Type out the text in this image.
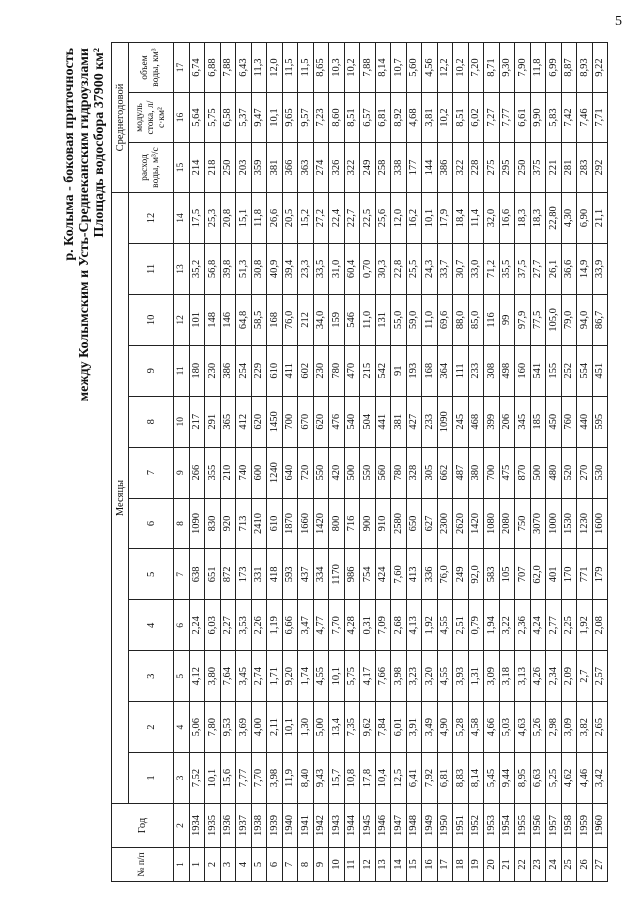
5
р. Колыма - боковая приточность между Колымским и Усть-Среднеканским гидроузлами Площадь водосбора 37900 км²
№ п/п	Год	Месяцы												Среднегодовой		
		1	2	3	4	5	6	7	8	9	10	11	12	расход воды, м³/с	модуль стока, л/с·км²	объем воды, км³
1	2	3	4	5	6	7	8	9	10	11	12	13	14	15	16	17
1	1934	7,52	5,06	4,12	2,24	638	1090	266	217	180	101	35,2	17,5	214	5,64	6,74
2	1935	10,1	7,80	3,80	6,03	651	830	355	291	230	148	56,8	25,3	218	5,75	6,88
3	1936	15,6	9,53	7,64	2,27	872	920	210	365	386	146	39,8	20,8	250	6,58	7,88
4	1937	7,77	3,69	3,45	3,53	173	713	740	412	254	64,8	51,3	15,1	203	5,37	6,43
5	1938	7,70	4,00	2,74	2,26	331	2410	600	620	229	58,5	30,8	11,8	359	9,47	11,3
6	1939	3,98	2,11	1,71	1,19	418	610	1240	1450	610	168	40,9	26,6	381	10,1	12,0
7	1940	11,9	10,1	9,20	6,66	593	1870	640	700	411	76,0	39,4	20,5	366	9,65	11,5
8	1941	8,40	1,30	1,74	3,47	437	1660	720	670	602	212	23,3	15,2	363	9,57	11,5
9	1942	9,43	5,00	4,55	4,77	334	1420	550	620	230	34,0	33,5	27,2	274	7,23	8,65
10	1943	15,7	13,4	10,1	7,70	1170	800	420	476	780	159	31,0	22,4	326	8,60	10,3
11	1944	10,8	7,35	5,75	4,28	986	716	500	540	470	546	60,4	22,7	322	8,51	10,2
12	1945	17,8	9,62	4,17	0,31	754	900	550	504	215	11,0	0,70	22,5	249	6,57	7,88
13	1946	10,4	7,84	7,66	7,09	424	910	560	441	542	131	30,3	25,6	258	6,81	8,14
14	1947	12,5	6,01	3,98	2,68	7,60	2580	780	381	91	55,0	22,8	12,0	338	8,92	10,7
15	1948	6,41	3,91	3,23	4,13	413	650	328	427	193	59,0	25,5	16,2	177	4,68	5,60
16	1949	7,92	3,49	3,20	1,92	336	627	305	233	168	11,0	24,3	10,1	144	3,81	4,56
17	1950	6,81	4,90	4,55	4,55	76,0	2300	662	1090	364	69,6	33,7	17,9	386	10,2	12,2
18	1951	8,83	5,28	3,93	2,51	249	2620	487	245	111	88,0	30,7	18,4	322	8,51	10,2
19	1952	8,14	4,58	1,31	0,79	92,0	1420	380	468	233	85,0	33,0	11,4	228	6,02	7,20
20	1953	5,45	4,66	3,09	1,94	583	1080	700	399	308	116	71,2	32,0	275	7,27	8,71
21	1954	9,44	5,03	3,18	3,22	105	2080	475	206	498	99	35,5	16,6	295	7,77	9,30
22	1955	8,95	4,63	3,13	2,36	707	750	870	345	160	97,9	37,5	18,3	250	6,61	7,90
23	1956	6,63	5,26	4,26	4,24	62,0	3070	500	185	541	77,5	27,7	18,3	375	9,90	11,8
24	1957	5,25	2,98	2,34	2,77	401	1000	480	450	155	105,0	26,1	22,80	221	5,83	6,99
25	1958	4,62	3,09	2,09	2,25	170	1530	520	760	252	79,0	36,6	4,30	281	7,42	8,87
26	1959	4,46	3,82	2,7	1,92	771	1230	270	440	554	94,0	14,9	6,90	283	7,46	8,93
27	1960	3,42	2,65	2,57	2,08	179	1600	530	595	451	86,7	33,9	21,1	292	7,71	9,22
